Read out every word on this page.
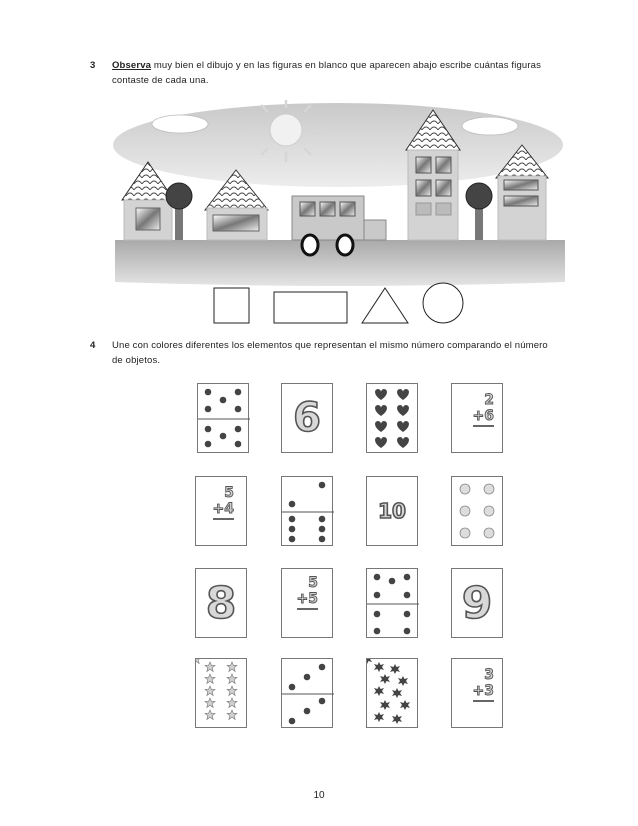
3 Observa muy bien el dibujo y en las figuras en blanco que aparecen abajo escribe cuántas figuras contaste de cada una.
4 Une con colores diferentes los elementos que representan el mismo número comparando el número de objetos.
6	2
+6
5
+4	10
8	5
+5	9
3
+3
10
